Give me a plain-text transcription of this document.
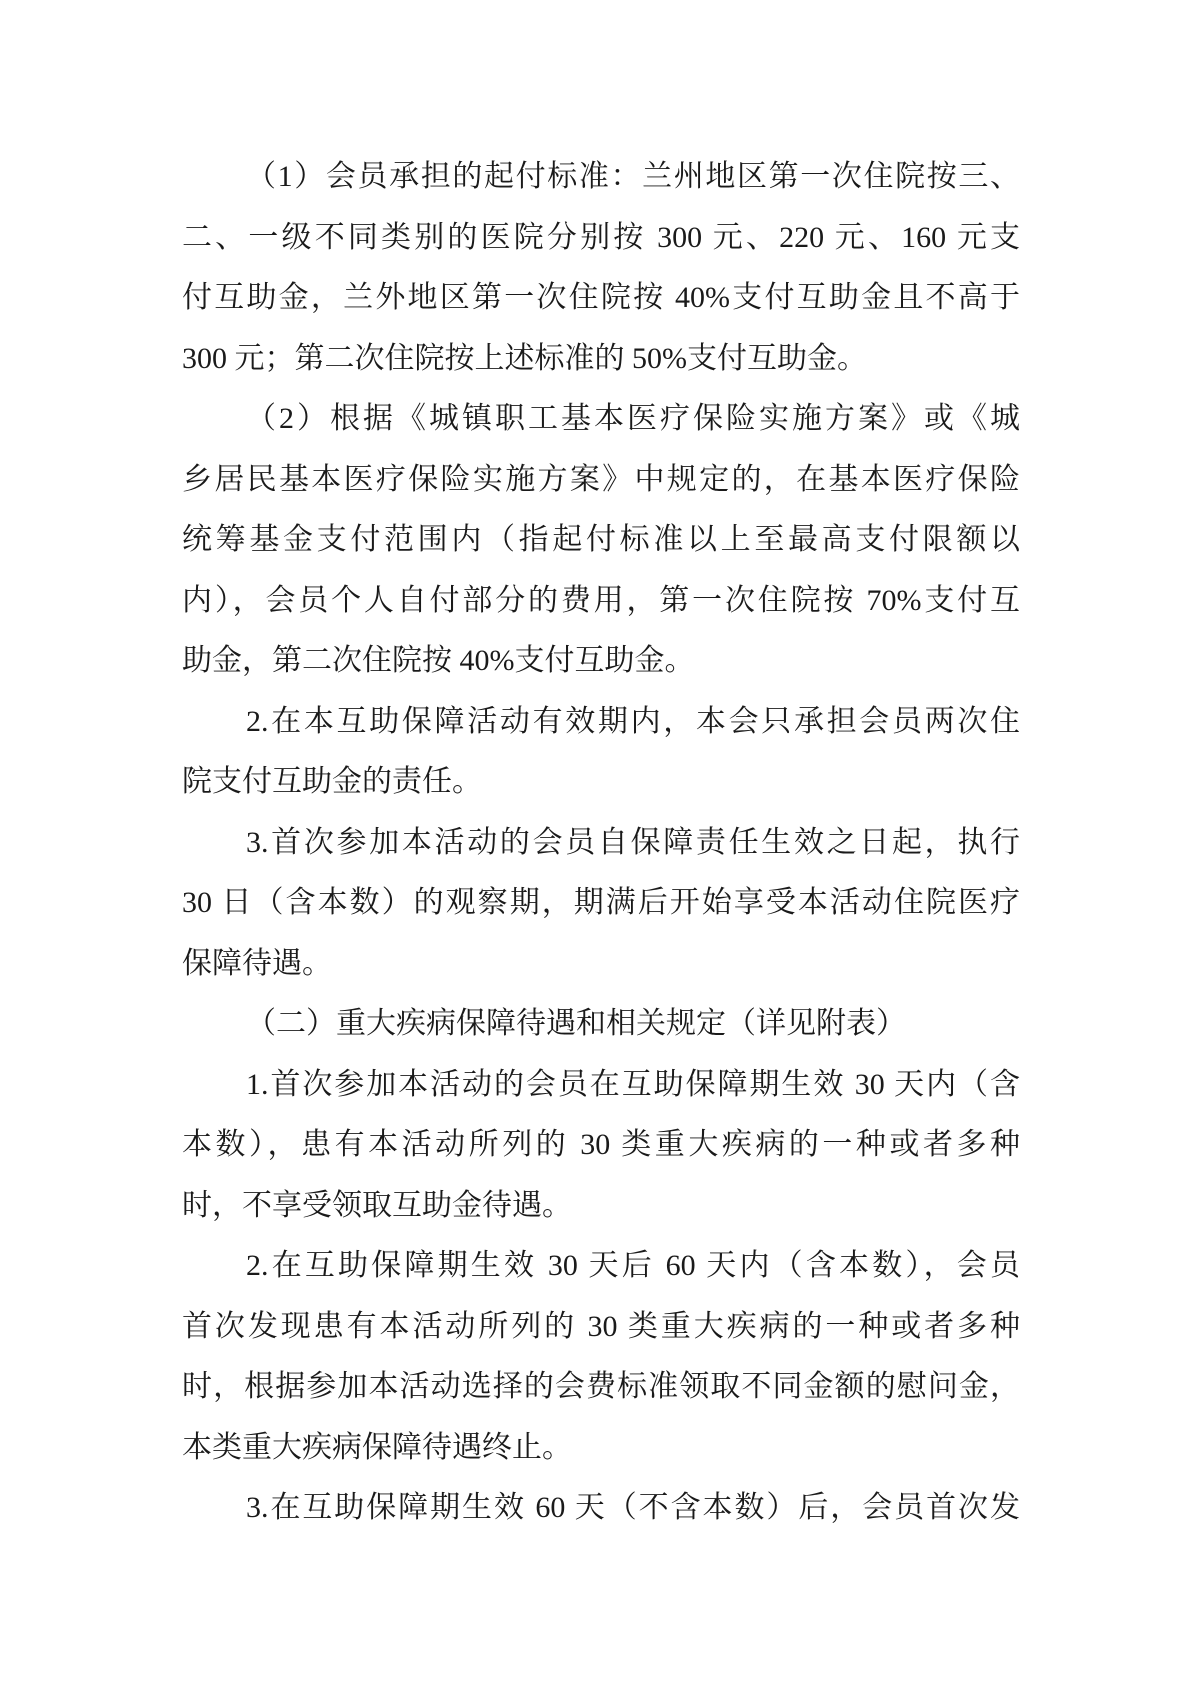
（1）会员承担的起付标准：兰州地区第一次住院按三、
二、一级不同类别的医院分别按 300 元、220 元、160 元支
付互助金，兰外地区第一次住院按 40%支付互助金且不高于
300 元；第二次住院按上述标准的 50%支付互助金。
（2）根据《城镇职工基本医疗保险实施方案》或《城
乡居民基本医疗保险实施方案》中规定的，在基本医疗保险
统筹基金支付范围内（指起付标准以上至最高支付限额以
内），会员个人自付部分的费用，第一次住院按 70%支付互
助金，第二次住院按 40%支付互助金。
2.在本互助保障活动有效期内，本会只承担会员两次住
院支付互助金的责任。
3.首次参加本活动的会员自保障责任生效之日起，执行
30 日（含本数）的观察期，期满后开始享受本活动住院医疗
保障待遇。
（二）重大疾病保障待遇和相关规定（详见附表）
1.首次参加本活动的会员在互助保障期生效 30 天内（含
本数），患有本活动所列的 30 类重大疾病的一种或者多种
时，不享受领取互助金待遇。
2.在互助保障期生效 30 天后 60 天内（含本数），会员
首次发现患有本活动所列的 30 类重大疾病的一种或者多种
时，根据参加本活动选择的会费标准领取不同金额的慰问金，
本类重大疾病保障待遇终止。
3.在互助保障期生效 60 天（不含本数）后，会员首次发
